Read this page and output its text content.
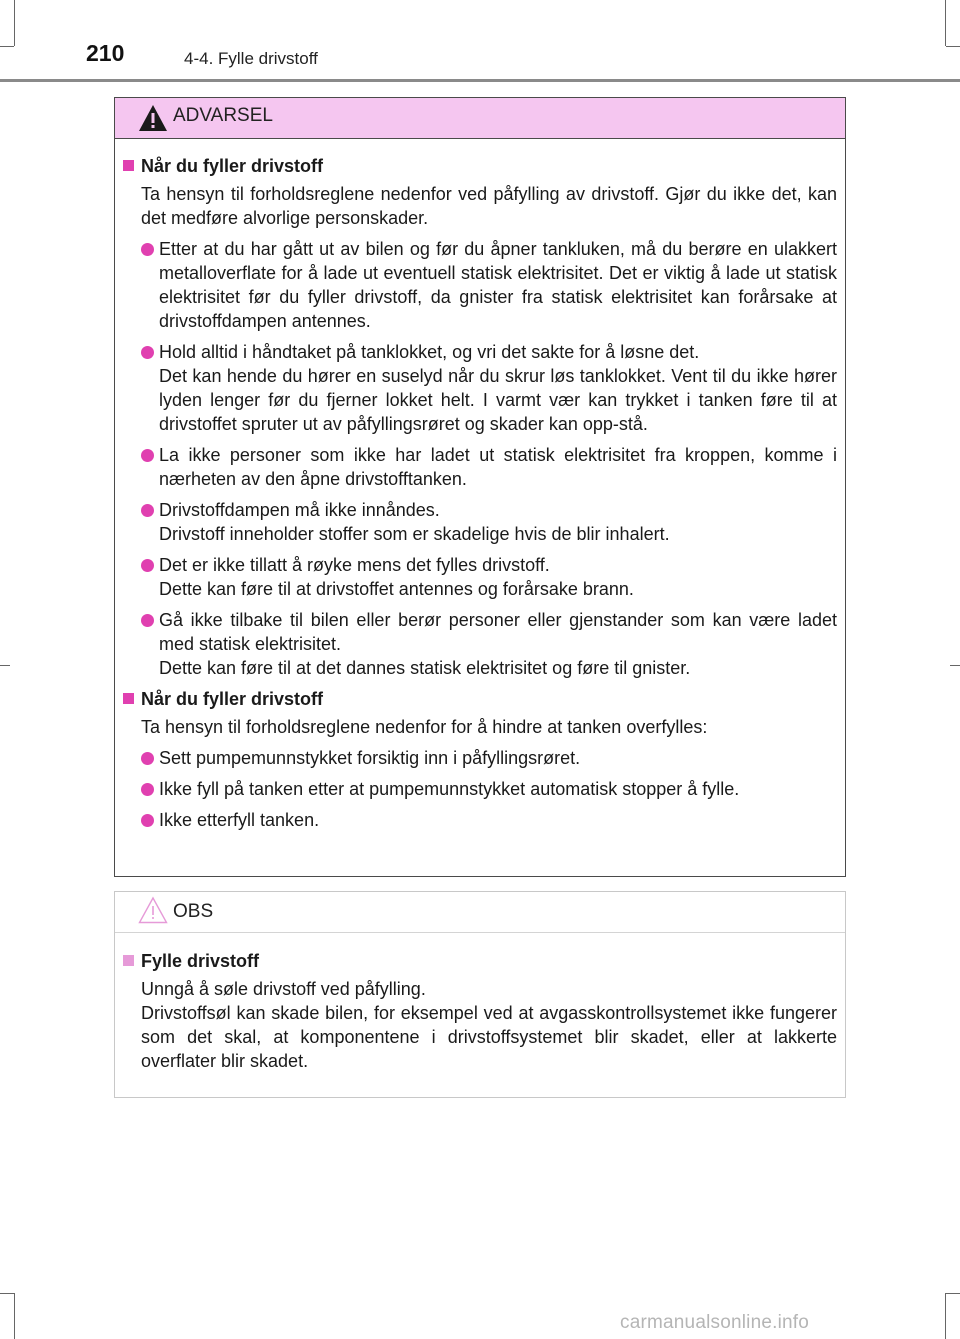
210	4-4. Fylle drivstoff
ADVARSEL
Når du fyller drivstoff
Ta hensyn til forholdsreglene nedenfor ved påfylling av drivstoff. Gjør du ikke det, kan det medføre alvorlige personskader.
Etter at du har gått ut av bilen og før du åpner tankluken, må du berøre en ulakkert metalloverflate for å lade ut eventuell statisk elektrisitet. Det er viktig å lade ut statisk elektrisitet før du fyller drivstoff, da gnister fra statisk elektrisitet kan forårsake at drivstoffdampen antennes.
Hold alltid i håndtaket på tanklokket, og vri det sakte for å løsne det.
Det kan hende du hører en suselyd når du skrur løs tanklokket. Vent til du ikke hører lyden lenger før du fjerner lokket helt. I varmt vær kan trykket i tanken føre til at drivstoffet spruter ut av påfyllingsrøret og skader kan opp-stå.
La ikke personer som ikke har ladet ut statisk elektrisitet fra kroppen, komme i nærheten av den åpne drivstofftanken.
Drivstoffdampen må ikke innåndes.
Drivstoff inneholder stoffer som er skadelige hvis de blir inhalert.
Det er ikke tillatt å røyke mens det fylles drivstoff.
Dette kan føre til at drivstoffet antennes og forårsake brann.
Gå ikke tilbake til bilen eller berør personer eller gjenstander som kan være ladet med statisk elektrisitet.
Dette kan føre til at det dannes statisk elektrisitet og føre til gnister.
Når du fyller drivstoff
Ta hensyn til forholdsreglene nedenfor for å hindre at tanken overfylles:
Sett pumpemunnstykket forsiktig inn i påfyllingsrøret.
Ikke fyll på tanken etter at pumpemunnstykket automatisk stopper å fylle.
Ikke etterfyll tanken.
OBS
Fylle drivstoff
Unngå å søle drivstoff ved påfylling.
Drivstoffsøl kan skade bilen, for eksempel ved at avgasskontrollsystemet ikke fungerer som det skal, at komponentene i drivstoffsystemet blir skadet, eller at lakkerte overflater blir skadet.
carmanualsonline.info
